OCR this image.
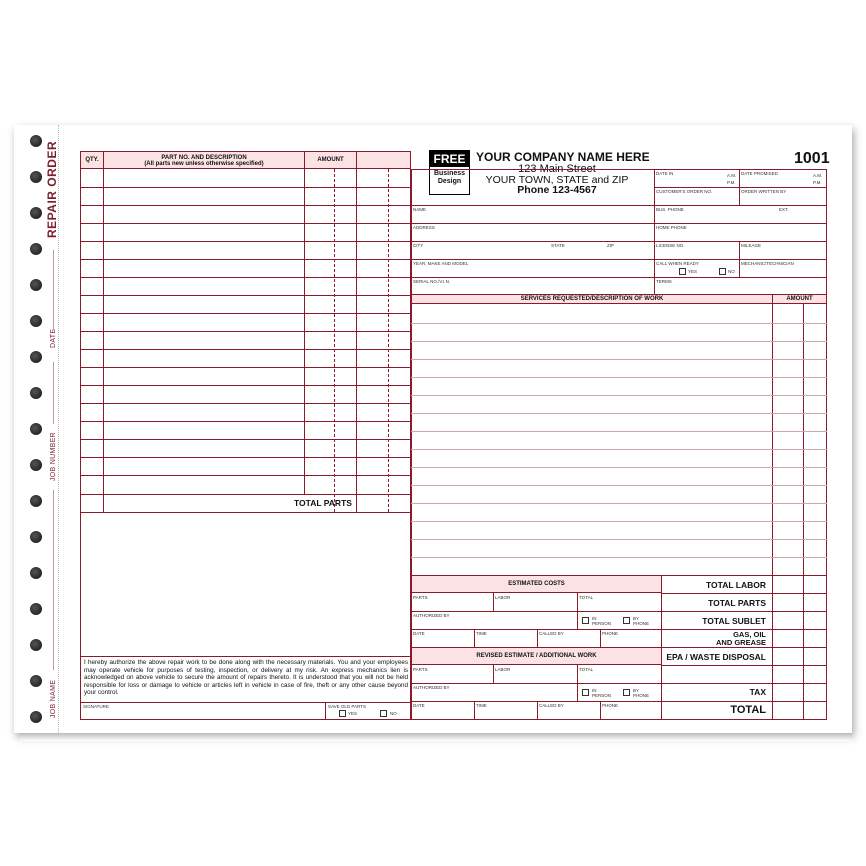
REPAIR ORDER
DATE
JOB NUMBER
JOB NAME
QTY.	PART NO. AND DESCRIPTION
(All parts new unless otherwise specified)
AMOUNT
TOTAL PARTS
I hereby authorize the above repair work to be done along with the necessary materials. You and your employees may operate vehicle for purposes of testing, inspection, or delivery at my risk. An express mechanics lien is acknowledged on above vehicle to secure the amount of repairs thereto. It is understood that you will not be held responsible for loss or damage to vehicle or articles left in vehicle in case of fire, theft or any other cause beyond your control.
SIGNATURE	SAVE OLD PARTS
YES	NO
FREE
Business
Design
YOUR COMPANY NAME HERE
123 Main Street
YOUR TOWN, STATE and ZIP
Phone 123-4567
1001
DATE IN	A.M.
P.M.
DATE PROMISED	A.M.
P.M.
CUSTOMER'S ORDER NO.	ORDER WRITTEN BY
NAME	BUS. PHONE	EXT.
ADDRESS	HOME PHONE
CITY	STATE	ZIP	LICENSE NO.	MILEAGE
YEAR, MAKE AND MODEL	CALL WHEN READY
YES	NO
MECHANIC/TECHNICIAN
SERIAL NO./V.I.N.	TERMS
SERVICES REQUESTED/DESCRIPTION OF WORK	AMOUNT
ESTIMATED COSTS
PARTS	LABOR	TOTAL
AUTHORIZED BY
IN
PERSON
BY
PHONE
DATE	TIME	CALLED BY	PHONE
REVISED ESTIMATE / ADDITIONAL WORK
PARTS	LABOR	TOTAL
AUTHORIZED BY
IN
PERSON
BY
PHONE
DATE	TIME	CALLED BY	PHONE
TOTAL LABOR
TOTAL PARTS
TOTAL SUBLET
GAS, OIL
AND GREASE
EPA / WASTE DISPOSAL
TAX
TOTAL
